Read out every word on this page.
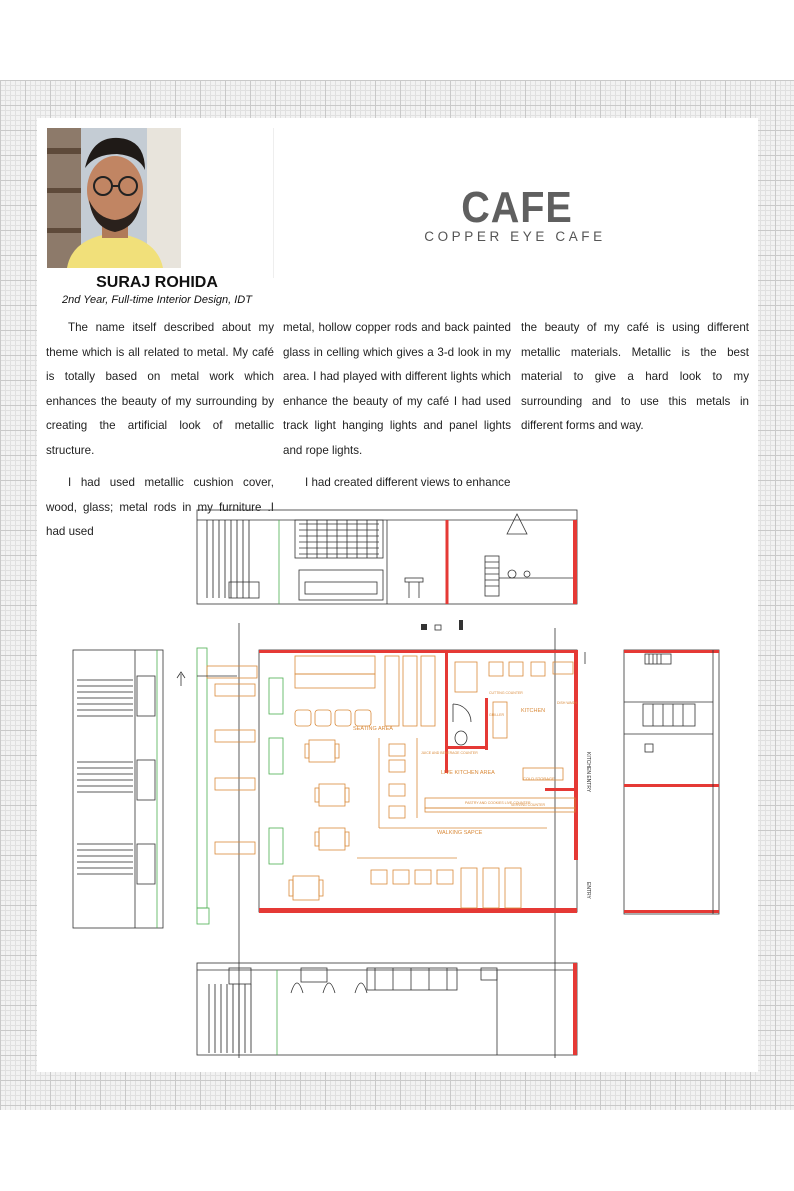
CAFE
COPPER EYE CAFE
SURAJ ROHIDA
2nd Year, Full-time Interior Design, IDT

The name itself described about my theme which is all related to metal. My café is totally based on metal work which enhances the beauty of my surrounding by creating the artificial look of metallic structure.

I had used metallic cushion cover, wood, glass; metal rods in my furniture .I had used

metal, hollow copper rods and back painted glass in celling which gives a 3-d look in my area. I had played with different lights which enhance the beauty of my café I had used track light hanging lights and panel lights and rope lights.

I had created different views to enhance

the beauty of my café is using different metallic materials. Metallic is the best material to give a hard look to my surrounding and to use this metals in different forms and way.

SEATING AREA
KITCHEN
LIVE KITCHEN AREA
WALKING SAPCE
COLD STORAGE
CUTTING COUNTER
GRILLER
JUICE AND BEVERAGE COUNTER
SERVING COUNTER
PASTRY AND COOKIES LIVE COUNTER
DISH WASH
KITCHEN ENTRY
ENTRY
